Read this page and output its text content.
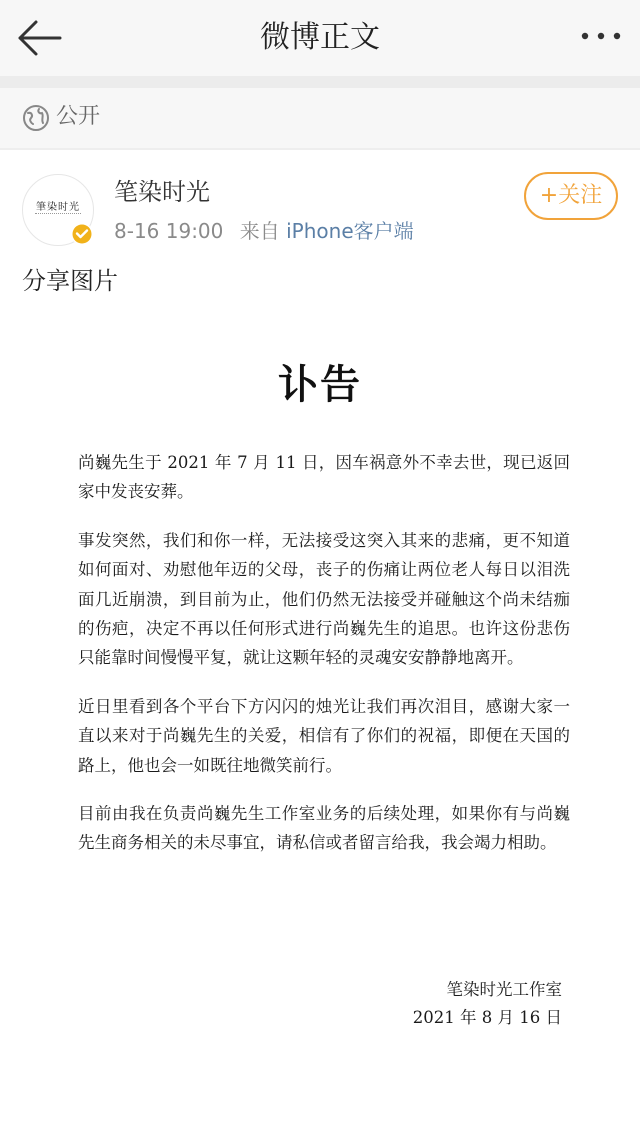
微博正文
公开
筆染时光
笔染时光
8-16 19:00 来自 iPhone客户端
+关注
分享图片
讣告

尚巍先生于 2021 年 7 月 11 日，因车祸意外不幸去世，现已返回家中发丧安葬。

事发突然，我们和你一样，无法接受这突入其来的悲痛，更不知道如何面对、劝慰他年迈的父母，丧子的伤痛让两位老人每日以泪洗面几近崩溃，到目前为止，他们仍然无法接受并碰触这个尚未结痂的伤疤，决定不再以任何形式进行尚巍先生的追思。也许这份悲伤只能靠时间慢慢平复，就让这颗年轻的灵魂安安静静地离开。

近日里看到各个平台下方闪闪的烛光让我们再次泪目，感谢大家一直以来对于尚巍先生的关爱，相信有了你们的祝福，即便在天国的路上，他也会一如既往地微笑前行。

目前由我在负责尚巍先生工作室业务的后续处理，如果你有与尚巍先生商务相关的未尽事宜，请私信或者留言给我，我会竭力相助。

笔染时光工作室
2021 年 8 月 16 日
